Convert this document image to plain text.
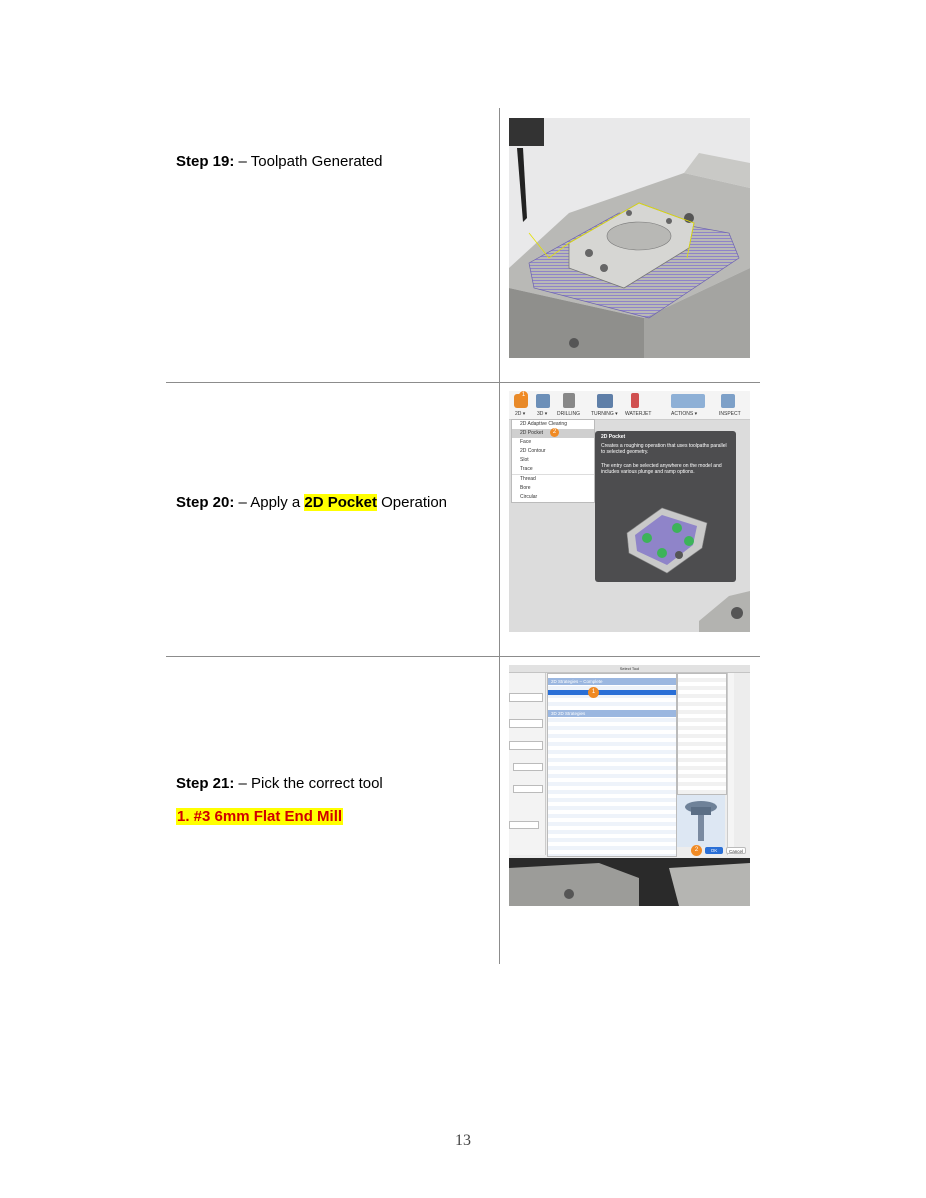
Step 19: – Toolpath Generated
Step 20: – Apply a 2D Pocket Operation
Step 21: – Pick the correct tool
1. #3 6mm Flat End Mill
2D ▾ 3D ▾ DRILLING TURNING ▾ WATERJET	ACTIONS ▾	INSPECT
1
2D Adaptive Clearing
2D Pocket	2
Face
2D Contour
Slot
Trace
Thread
Bore
Circular
2D Pocket
Creates a roughing operation that uses toolpaths parallel to selected geometry.
The entry can be selected anywhere on the model and includes various plunge and ramp options.
Select Tool
2D Strategies – Complete
1
3D 2D Strategies
OK	Cancel
2
13
